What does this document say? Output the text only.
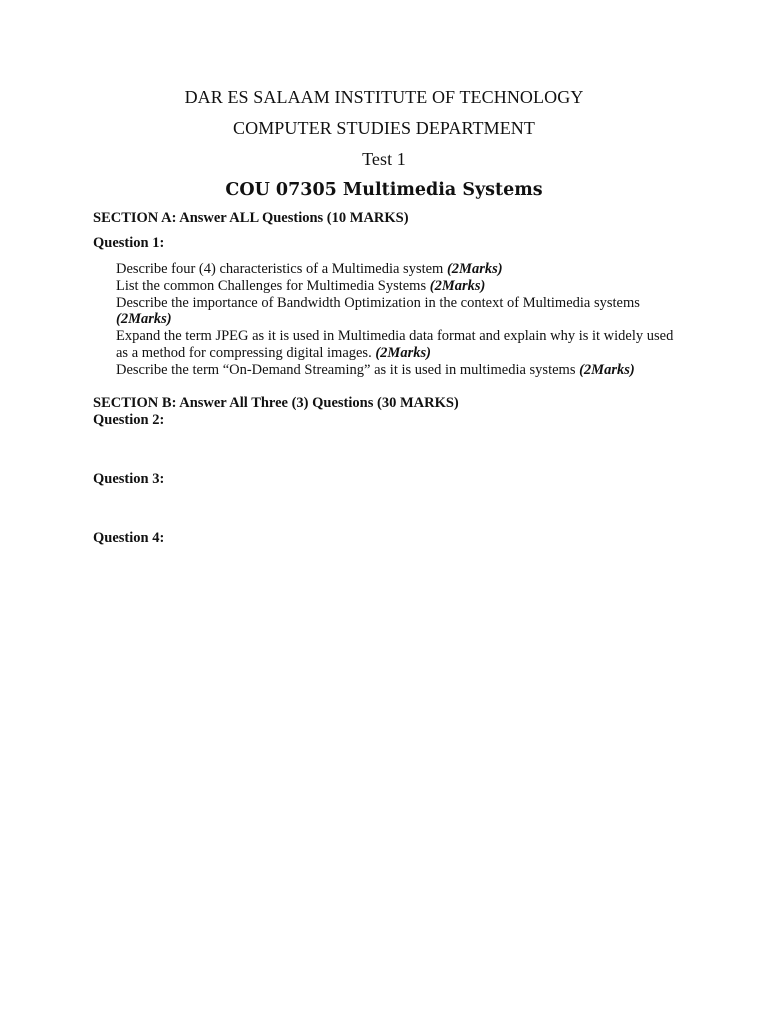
DAR ES SALAAM INSTITUTE OF TECHNOLOGY
COMPUTER STUDIES DEPARTMENT
Test 1
COU 07305 Multimedia Systems
SECTION A: Answer ALL Questions (10 MARKS)
Question 1:
Describe four (4) characteristics of a Multimedia system (2Marks)
List the common Challenges for Multimedia Systems (2Marks)
Describe the importance of Bandwidth Optimization in the context of Multimedia systems (2Marks)
Expand the term JPEG as it is used in Multimedia data format and explain why is it widely used as a method for compressing digital images. (2Marks)
Describe the term “On-Demand Streaming” as it is used in multimedia systems (2Marks)
SECTION B: Answer All Three (3) Questions (30 MARKS)
Question 2:
Question 3:
Question 4:
